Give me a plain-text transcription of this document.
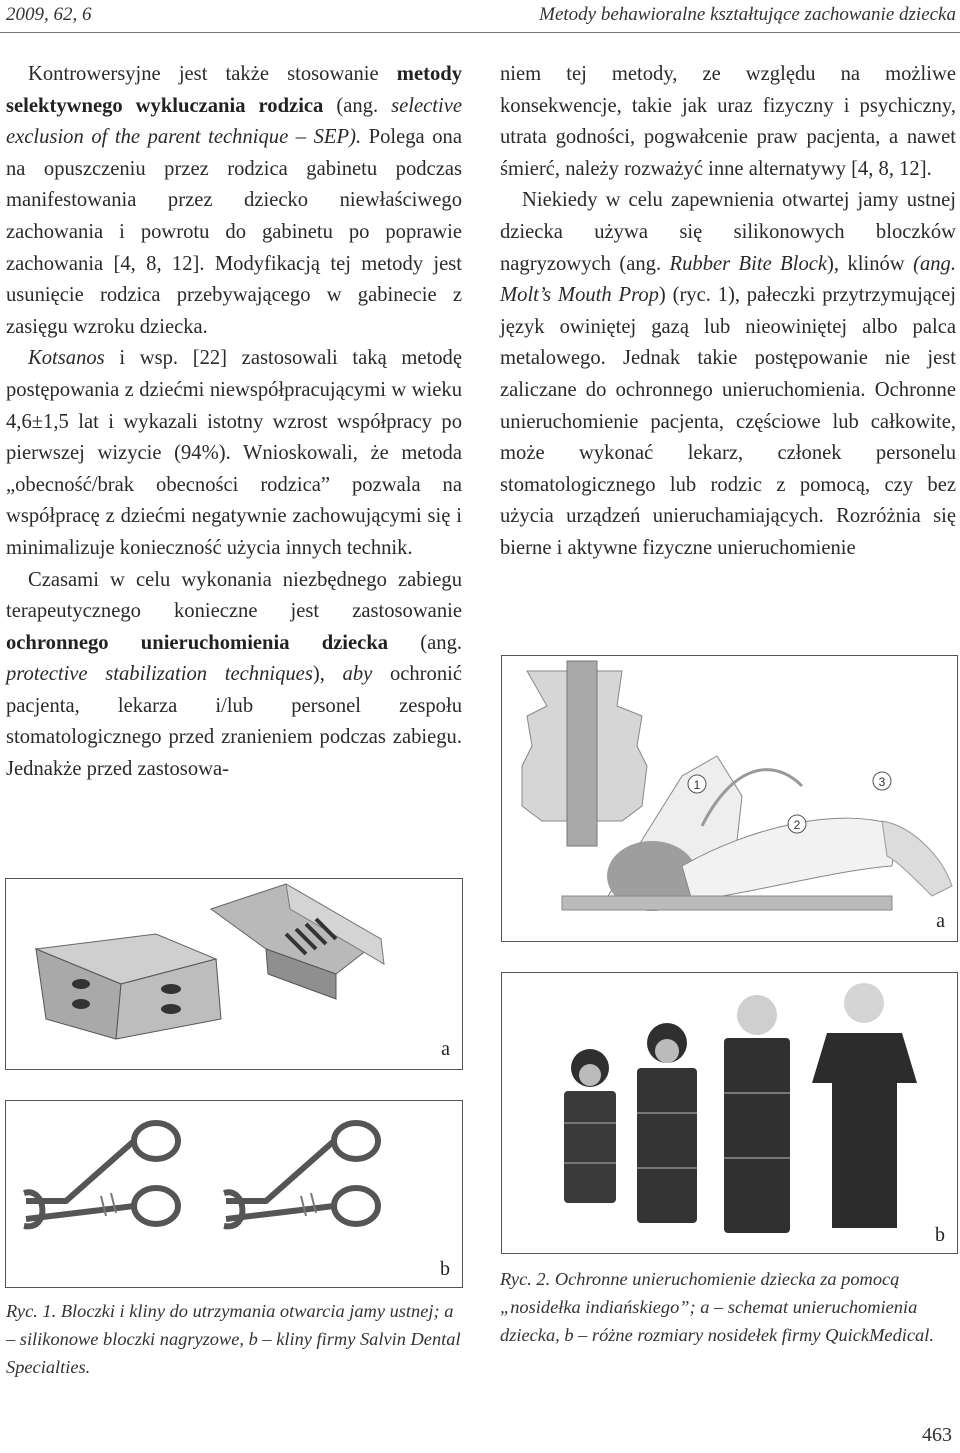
2009, 62, 6	Metody behawioralne kształtujące zachowanie dziecka

Kontrowersyjne jest także stosowanie metody selektywnego wykluczania rodzica (ang. selective exclusion of the parent technique – SEP). Polega ona na opuszczeniu przez rodzica gabinetu podczas manifestowania przez dziecko niewłaściwego zachowania i powrotu do gabinetu po poprawie zachowania [4, 8, 12]. Modyfikacją tej metody jest usunięcie rodzica przebywającego w gabinecie z zasięgu wzroku dziecka.

Kotsanos i wsp. [22] zastosowali taką metodę postępowania z dziećmi niewspółpracującymi w wieku 4,6±1,5 lat i wykazali istotny wzrost współpracy po pierwszej wizycie (94%). Wnioskowali, że metoda „obecność/brak obecności rodzica” pozwala na współpracę z dziećmi negatywnie zachowującymi się i minimalizuje konieczność użycia innych technik.

Czasami w celu wykonania niezbędnego zabiegu terapeutycznego konieczne jest zastosowanie ochronnego unieruchomienia dziecka (ang. protective stabilization techniques), aby ochronić pacjenta, lekarza i/lub personel zespołu stomatologicznego przed zranieniem podczas zabiegu. Jednakże przed zastosowa-

niem tej metody, ze względu na możliwe konsekwencje, takie jak uraz fizyczny i psychiczny, utrata godności, pogwałcenie praw pacjenta, a nawet śmierć, należy rozważyć inne alternatywy [4, 8, 12].

Niekiedy w celu zapewnienia otwartej jamy ustnej dziecka używa się silikonowych bloczków nagryzowych (ang. Rubber Bite Block), klinów (ang. Molt’s Mouth Prop) (ryc. 1), pałeczki przytrzymującej język owiniętej gazą lub nieowiniętej albo palca metalowego. Jednak takie postępowanie nie jest zaliczane do ochronnego unieruchomienia. Ochronne unieruchomienie pacjenta, częściowe lub całkowite, może wykonać lekarz, członek personelu stomatologicznego lub rodzic z pomocą, czy bez użycia urządzeń unieruchamiających. Rozróżnia się bierne i aktywne fizyczne unieruchomienie

a
b
1
2
3
a
b
Ryc. 1. Bloczki i kliny do utrzymania otwarcia jamy ustnej; a – silikonowe bloczki nagryzowe, b – kliny firmy Salvin Dental Specialties.
Ryc. 2. Ochronne unieruchomienie dziecka za pomocą „nosidełka indiańskiego”; a – schemat unieruchomienia dziecka, b – różne rozmiary nosidełek firmy QuickMedical.
463
